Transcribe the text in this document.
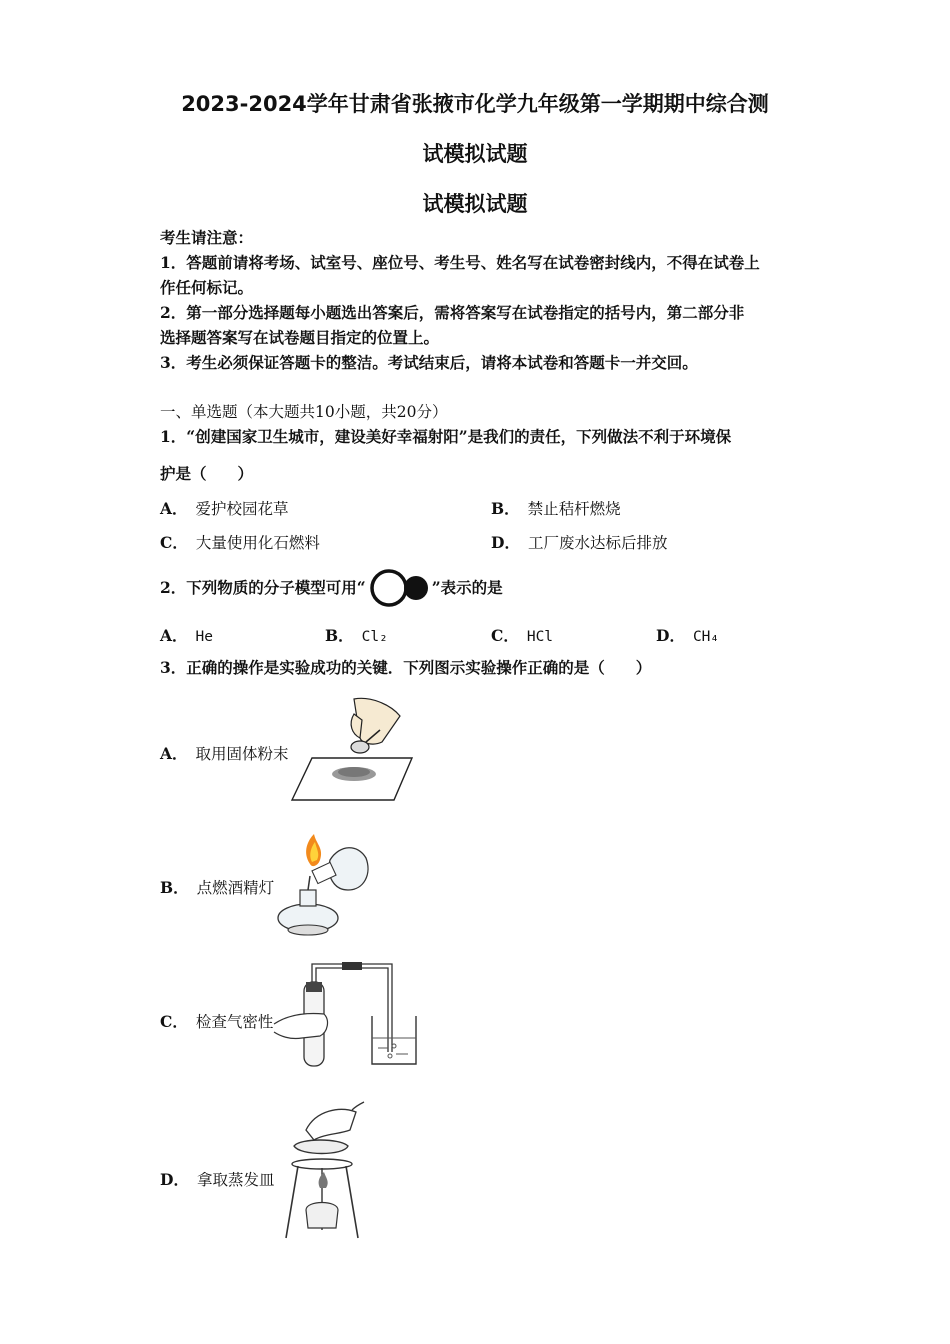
2023-2024学年甘肃省张掖市化学九年级第一学期期中综合测
试模拟试题
试模拟试题
考生请注意：
1．答题前请将考场、试室号、座位号、考生号、姓名写在试卷密封线内，不得在试卷上
作任何标记。
2．第一部分选择题每小题选出答案后，需将答案写在试卷指定的括号内，第二部分非
选择题答案写在试卷题目指定的位置上。
3．考生必须保证答题卡的整洁。考试结束后，请将本试卷和答题卡一并交回。
一、单选题（本大题共10小题，共20分）
1．“创建国家卫生城市，建设美好幸福射阳”是我们的责任，下列做法不利于环境保
护是（　　）
A． 爱护校园花草	B． 禁止秸杆燃烧
C． 大量使用化石燃料	D． 工厂废水达标后排放
2．下列物质的分子模型可用“	”表示的是
A． He	B． Cl₂	C． HCl	D． CH₄
3．正确的操作是实验成功的关键．下列图示实验操作正确的是（　　）
A． 取用固体粉末
B． 点燃酒精灯
C． 检查气密性
D． 拿取蒸发皿
